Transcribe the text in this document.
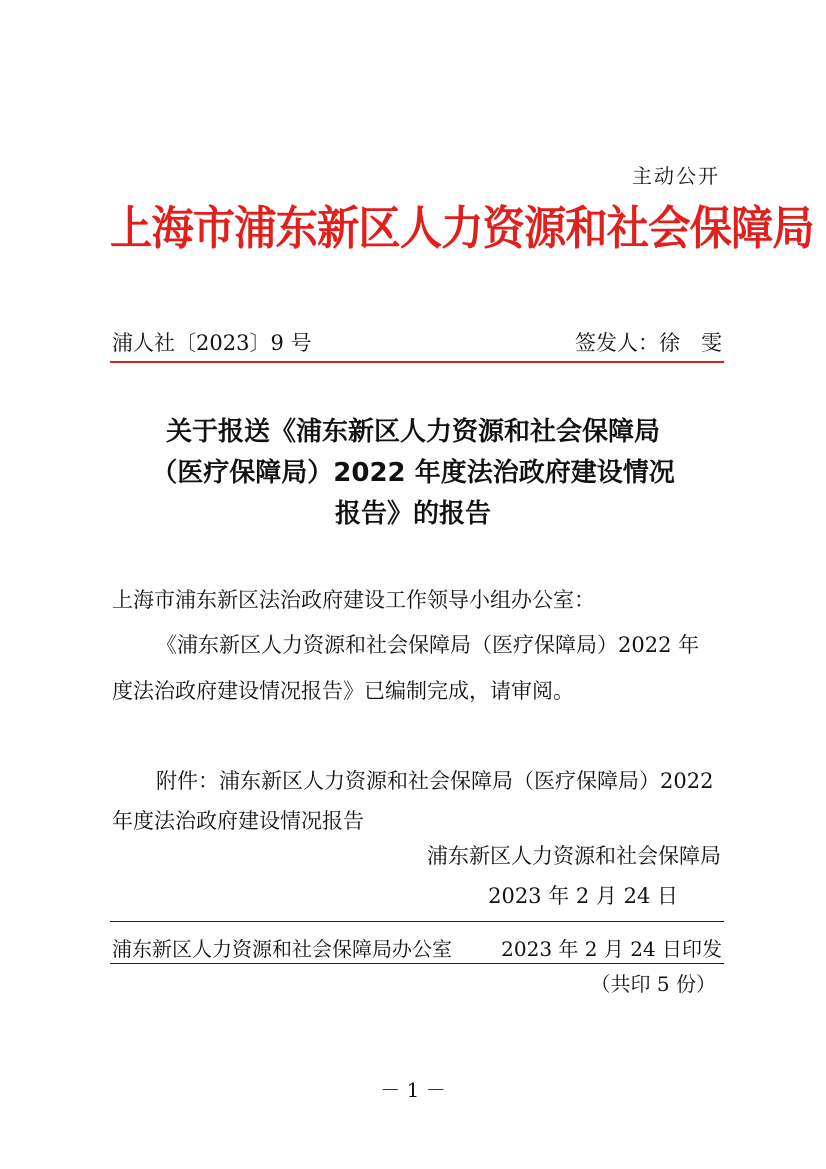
主动公开
上海市浦东新区人力资源和社会保障局
浦人社〔2023〕9 号	签发人：徐　雯
关于报送《浦东新区人力资源和社会保障局
（医疗保障局）2022 年度法治政府建设情况
报告》的报告
上海市浦东新区法治政府建设工作领导小组办公室：
《浦东新区人力资源和社会保障局（医疗保障局）2022 年
度法治政府建设情况报告》已编制完成，请审阅。
附件：浦东新区人力资源和社会保障局（医疗保障局）2022
年度法治政府建设情况报告
浦东新区人力资源和社会保障局
2023 年 2 月 24 日
浦东新区人力资源和社会保障局办公室 2023 年 2 月 24 日印发
（共印 5 份）
－ 1 －
